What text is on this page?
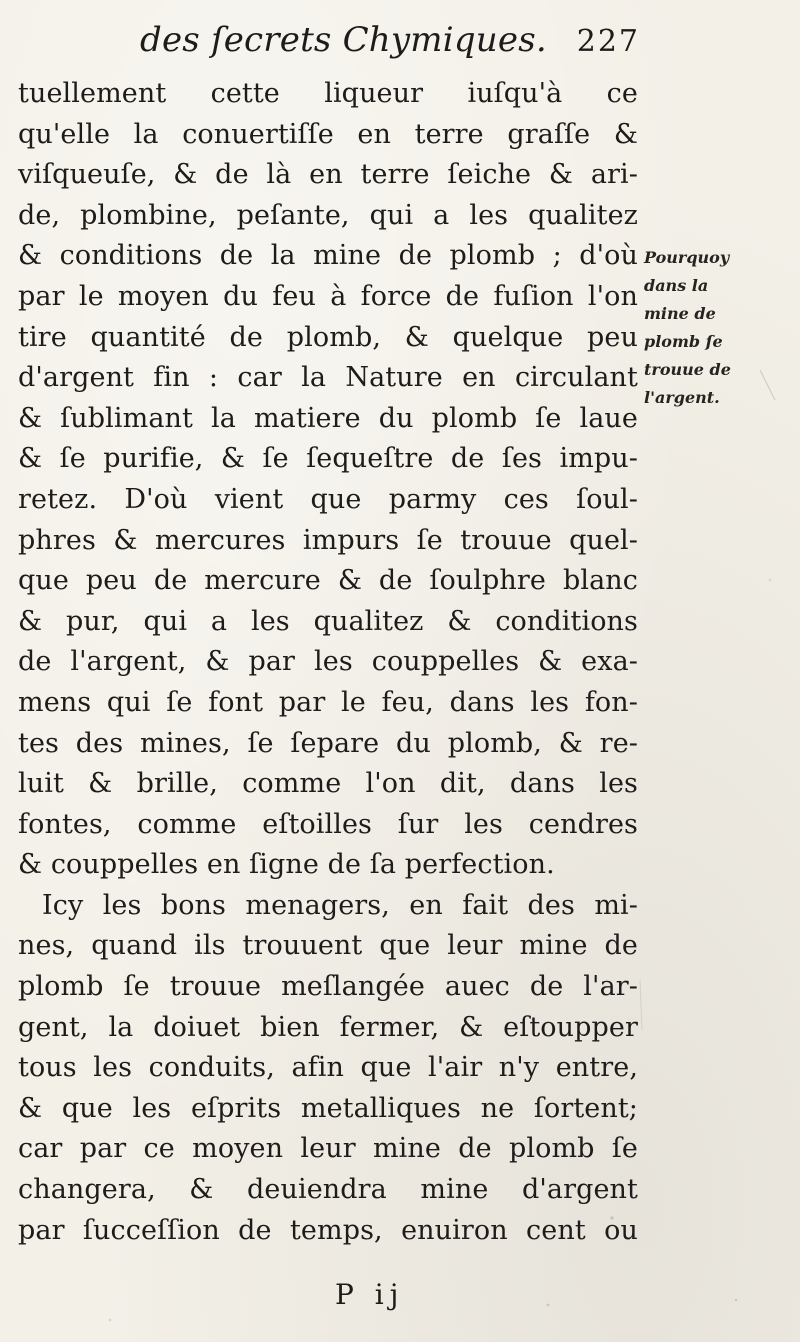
des ſecrets Chymiques. 227
tuellement cette liqueur iuſqu'à ce
qu'elle la conuertiſſe en terre graſſe &
viſqueuſe, & de là en terre ſeiche & ari-
de, plombine, peſante, qui a les qualitez
& conditions de la mine de plomb ; d'où
par le moyen du feu à force de fuſion l'on
tire quantité de plomb, & quelque peu
d'argent fin : car la Nature en circulant
& ſublimant la matiere du plomb ſe laue
& ſe purifie, & ſe ſequeſtre de ſes impu-
retez. D'où vient que parmy ces ſoul-
phres & mercures impurs ſe trouue quel-
que peu de mercure & de ſoulphre blanc
& pur, qui a les qualitez & conditions
de l'argent, & par les couppelles & exa-
mens qui ſe font par le feu, dans les fon-
tes des mines, ſe ſepare du plomb, & re-
luit & brille, comme l'on dit, dans les
fontes, comme eſtoilles ſur les cendres
& couppelles en ſigne de ſa perfection.
Icy les bons menagers, en fait des mi-
nes, quand ils trouuent que leur mine de
plomb ſe trouue meſlangée auec de l'ar-
gent, la doiuet bien fermer, & eſtoupper
tous les conduits, afin que l'air n'y entre,
& que les eſprits metalliques ne ſortent;
car par ce moyen leur mine de plomb ſe
changera, & deuiendra mine d'argent
par ſucceſſion de temps, enuiron cent ou
Pourquoy
dans la
mine de
plomb ſe
trouue de
l'argent.
P ij
